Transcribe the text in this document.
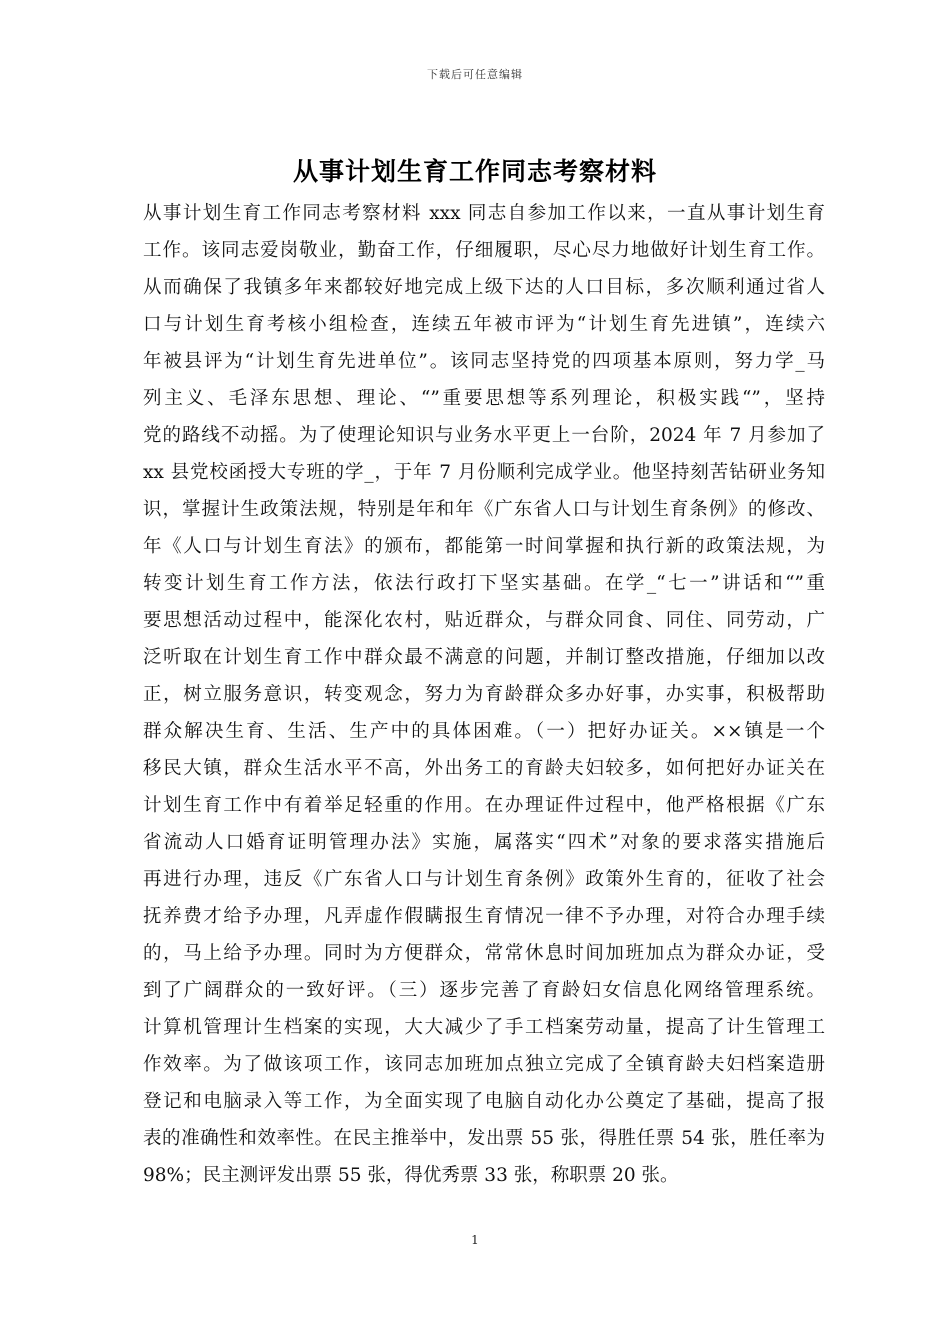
下载后可任意编辑
从事计划生育工作同志考察材料
从事计划生育工作同志考察材料 xxx 同志自参加工作以来，一直从事计划生育
工作。该同志爱岗敬业，勤奋工作，仔细履职，尽心尽力地做好计划生育工作。
从而确保了我镇多年来都较好地完成上级下达的人口目标，多次顺利通过省人
口与计划生育考核小组检查，连续五年被市评为“计划生育先进镇”，连续六
年被县评为“计划生育先进单位”。该同志坚持党的四项基本原则，努力学_马
列主义、毛泽东思想、理论、“”重要思想等系列理论，积极实践“”，坚持
党的路线不动摇。为了使理论知识与业务水平更上一台阶，2024 年 7 月参加了
xx 县党校函授大专班的学_，于年 7 月份顺利完成学业。他坚持刻苦钻研业务知
识，掌握计生政策法规，特别是年和年《广东省人口与计划生育条例》的修改、
年《人口与计划生育法》的颁布，都能第一时间掌握和执行新的政策法规，为
转变计划生育工作方法，依法行政打下坚实基础。在学_“七一”讲话和“”重
要思想活动过程中，能深化农村，贴近群众，与群众同食、同住、同劳动，广
泛听取在计划生育工作中群众最不满意的问题，并制订整改措施，仔细加以改
正，树立服务意识，转变观念，努力为育龄群众多办好事，办实事，积极帮助
群众解决生育、生活、生产中的具体困难。（一）把好办证关。××镇是一个
移民大镇，群众生活水平不高，外出务工的育龄夫妇较多，如何把好办证关在
计划生育工作中有着举足轻重的作用。在办理证件过程中，他严格根据《广东
省流动人口婚育证明管理办法》实施，属落实“四术”对象的要求落实措施后
再进行办理，违反《广东省人口与计划生育条例》政策外生育的，征收了社会
抚养费才给予办理，凡弄虚作假瞒报生育情况一律不予办理，对符合办理手续
的，马上给予办理。同时为方便群众，常常休息时间加班加点为群众办证，受
到了广阔群众的一致好评。（三）逐步完善了育龄妇女信息化网络管理系统。
计算机管理计生档案的实现，大大减少了手工档案劳动量，提高了计生管理工
作效率。为了做该项工作，该同志加班加点独立完成了全镇育龄夫妇档案造册
登记和电脑录入等工作，为全面实现了电脑自动化办公奠定了基础，提高了报
表的准确性和效率性。在民主推举中，发出票 55 张，得胜任票 54 张，胜任率为
98%；民主测评发出票 55 张，得优秀票 33 张，称职票 20 张。
1
